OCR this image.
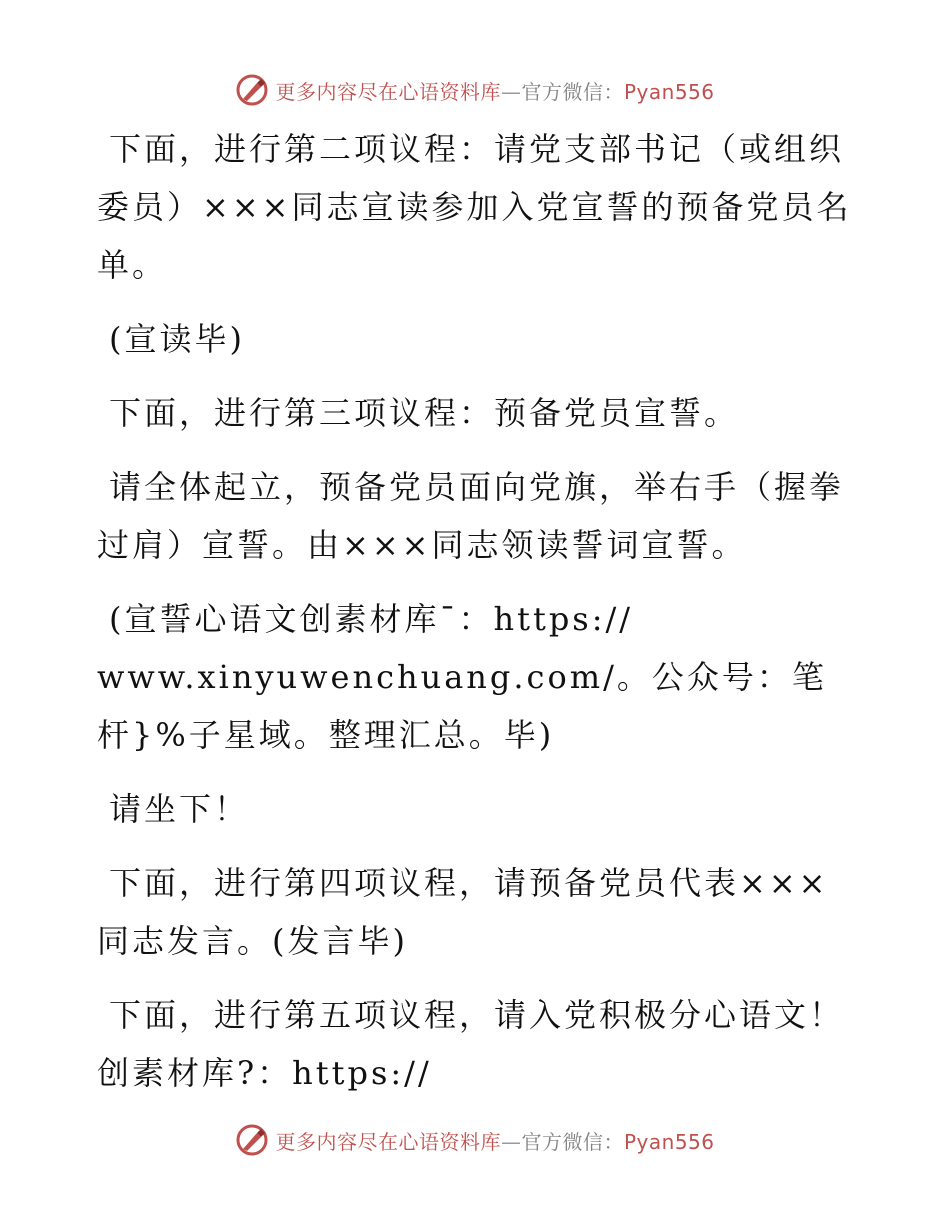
更多内容尽在心语资料库—官方微信：Pyan556

下面，进行第二项议程：请党支部书记（或组织委员）×××同志宣读参加入党宣誓的预备党员名单。

(宣读毕)

下面，进行第三项议程：预备党员宣誓。

请全体起立，预备党员面向党旗，举右手（握拳过肩）宣誓。由×××同志领读誓词宣誓。

(宣誓心语文创素材库¯：https://
www.xinyuwenchuang.com/。公众号：笔杆}%子星域。整理汇总。毕)

请坐下！

下面，进行第四项议程，请预备党员代表×××同志发言。(发言毕)

下面，进行第五项议程，请入党积极分心语文！创素材库?：https://

更多内容尽在心语资料库—官方微信：Pyan556
